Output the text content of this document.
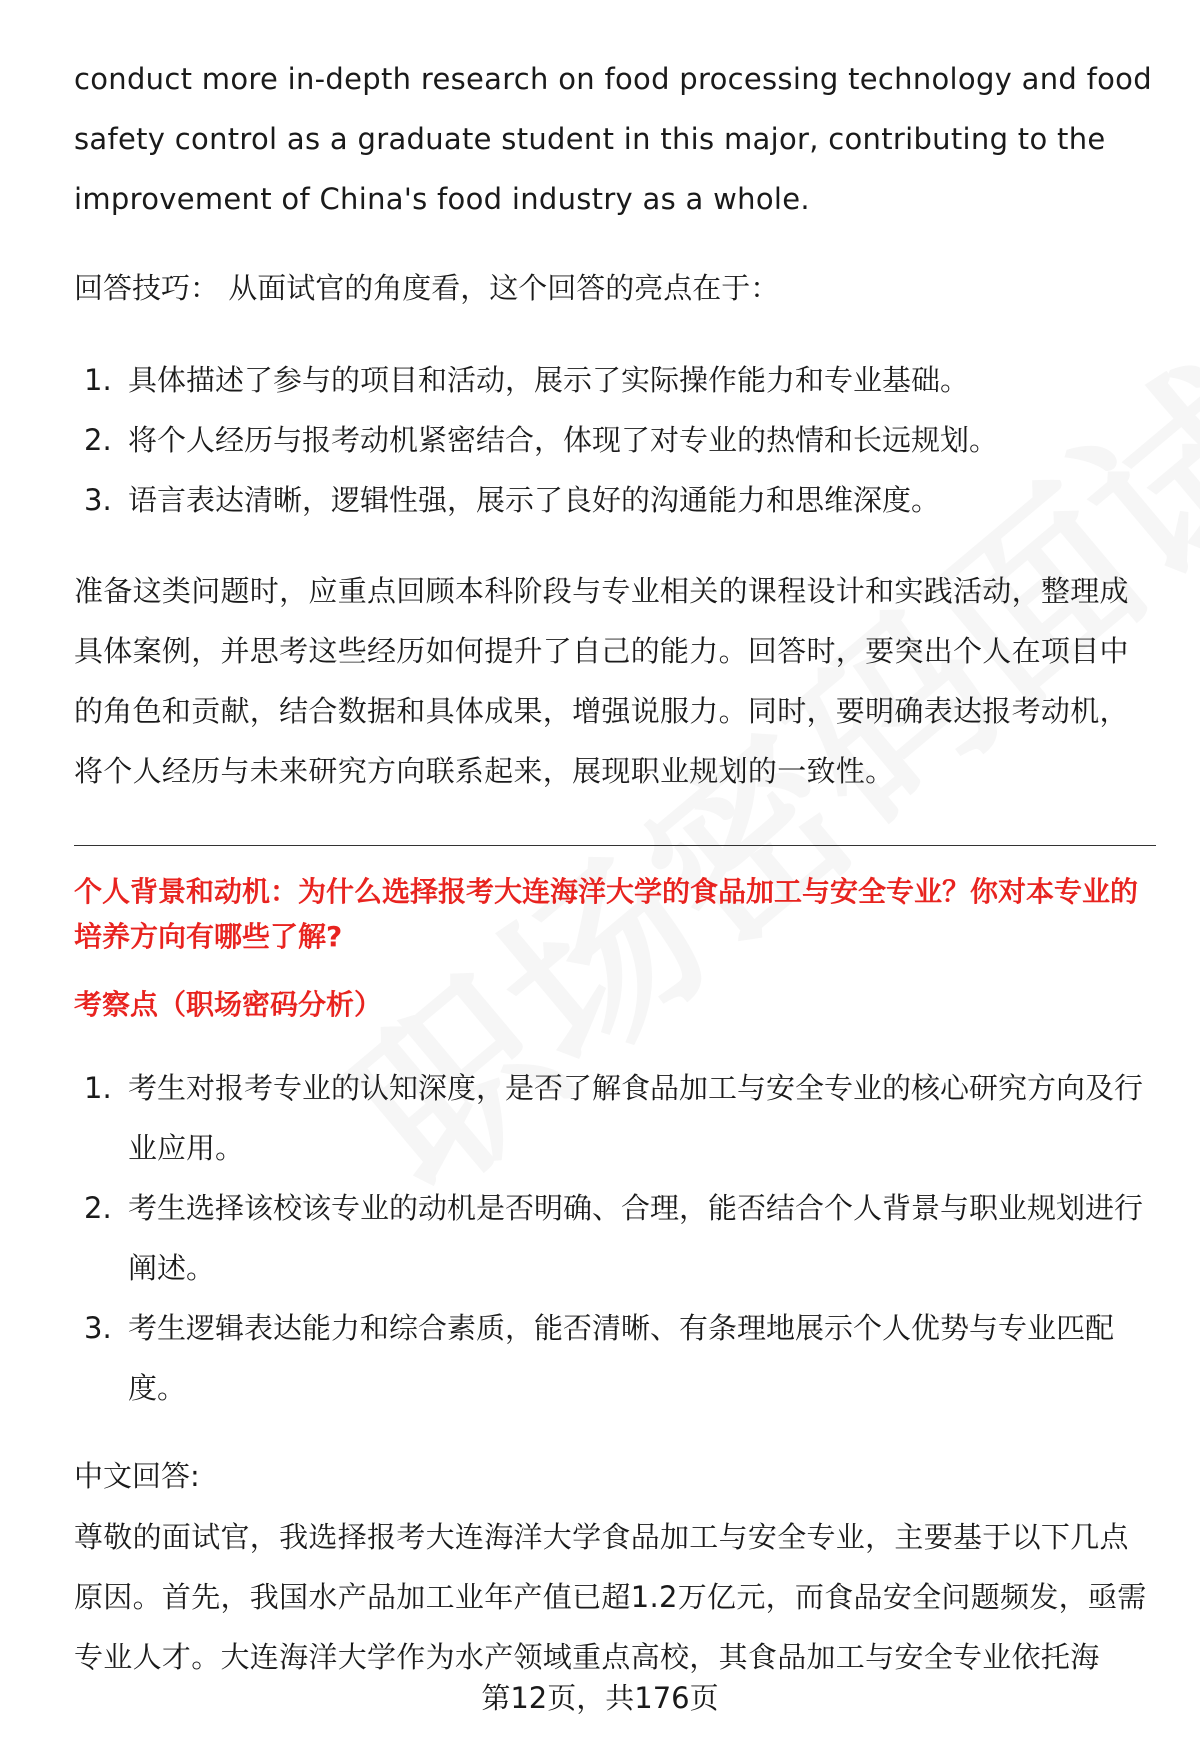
conduct more in-depth research on food processing technology and food safety control as a graduate student in this major, contributing to the improvement of China's food industry as a whole.

回答技巧： 从面试官的角度看，这个回答的亮点在于：
1. 具体描述了参与的项目和活动，展示了实际操作能力和专业基础。
2. 将个人经历与报考动机紧密结合，体现了对专业的热情和长远规划。
3. 语言表达清晰，逻辑性强，展示了良好的沟通能力和思维深度。

准备这类问题时，应重点回顾本科阶段与专业相关的课程设计和实践活动，整理成具体案例，并思考这些经历如何提升了自己的能力。回答时，要突出个人在项目中的角色和贡献，结合数据和具体成果，增强说服力。同时，要明确表达报考动机，将个人经历与未来研究方向联系起来，展现职业规划的一致性。

个人背景和动机：为什么选择报考大连海洋大学的食品加工与安全专业？你对本专业的培养方向有哪些了解?
考察点（职场密码分析）
1. 考生对报考专业的认知深度，是否了解食品加工与安全专业的核心研究方向及行业应用。
2. 考生选择该校该专业的动机是否明确、合理，能否结合个人背景与职业规划进行阐述。
3. 考生逻辑表达能力和综合素质，能否清晰、有条理地展示个人优势与专业匹配度。
中文回答:

尊敬的面试官，我选择报考大连海洋大学食品加工与安全专业，主要基于以下几点原因。首先，我国水产品加工业年产值已超1.2万亿元，而食品安全问题频发，亟需专业人才。大连海洋大学作为水产领域重点高校，其食品加工与安全专业依托海

第12页，共176页
